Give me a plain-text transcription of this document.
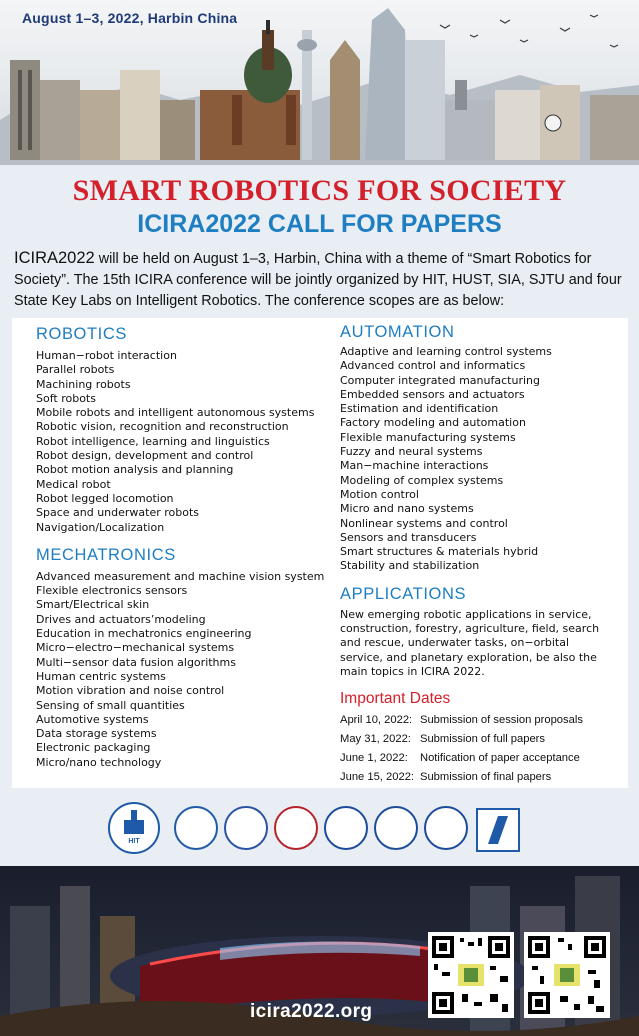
August 1–3, 2022, Harbin China
SMART ROBOTICS FOR SOCIETY
ICIRA2022 CALL FOR PAPERS
ICIRA2022 will be held on August 1–3, Harbin, China with a theme of “Smart Robotics for Society”. The 15th ICIRA conference will be jointly organized by HIT, HUST, SIA, SJTU and four State Key Labs on Intelligent Robotics. The conference scopes are as below:
ROBOTICS
Human−robot interaction
Parallel robots
Machining robots
Soft robots
Mobile robots and intelligent autonomous systems
Robotic vision, recognition and reconstruction
Robot intelligence, learning and linguistics
Robot design, development and control
Robot motion analysis and planning
Medical robot
Robot legged locomotion
Space and underwater robots
Navigation/Localization
MECHATRONICS
Advanced measurement and machine vision system
Flexible electronics sensors
Smart/Electrical skin
Drives and actuators’modeling
Education in mechatronics engineering
Micro−electro−mechanical systems
Multi−sensor data fusion algorithms
Human centric systems
Motion vibration and noise control
Sensing of small quantities
Automotive systems
Data storage systems
Electronic packaging
Micro/nano technology
AUTOMATION
Adaptive and learning control systems
Advanced control and informatics
Computer integrated manufacturing
Embedded sensors and actuators
Estimation and identification
Factory modeling and automation
Flexible manufacturing systems
Fuzzy and neural systems
Man−machine interactions
Modeling of complex systems
Motion control
Micro and nano systems
Nonlinear systems and control
Sensors and transducers
Smart structures & materials hybrid
Stability and stabilization
APPLICATIONS
New emerging robotic applications in service, construction, forestry, agriculture, field, search and rescue, underwater tasks, on−orbital service, and planetary exploration, be also the main topics in ICIRA 2022.
Important Dates
April 10, 2022: Submission of session proposals
May 31, 2022: Submission of full papers
June 1, 2022: Notification of paper acceptance
June 15, 2022: Submission of final papers
HIT
icira2022.org
